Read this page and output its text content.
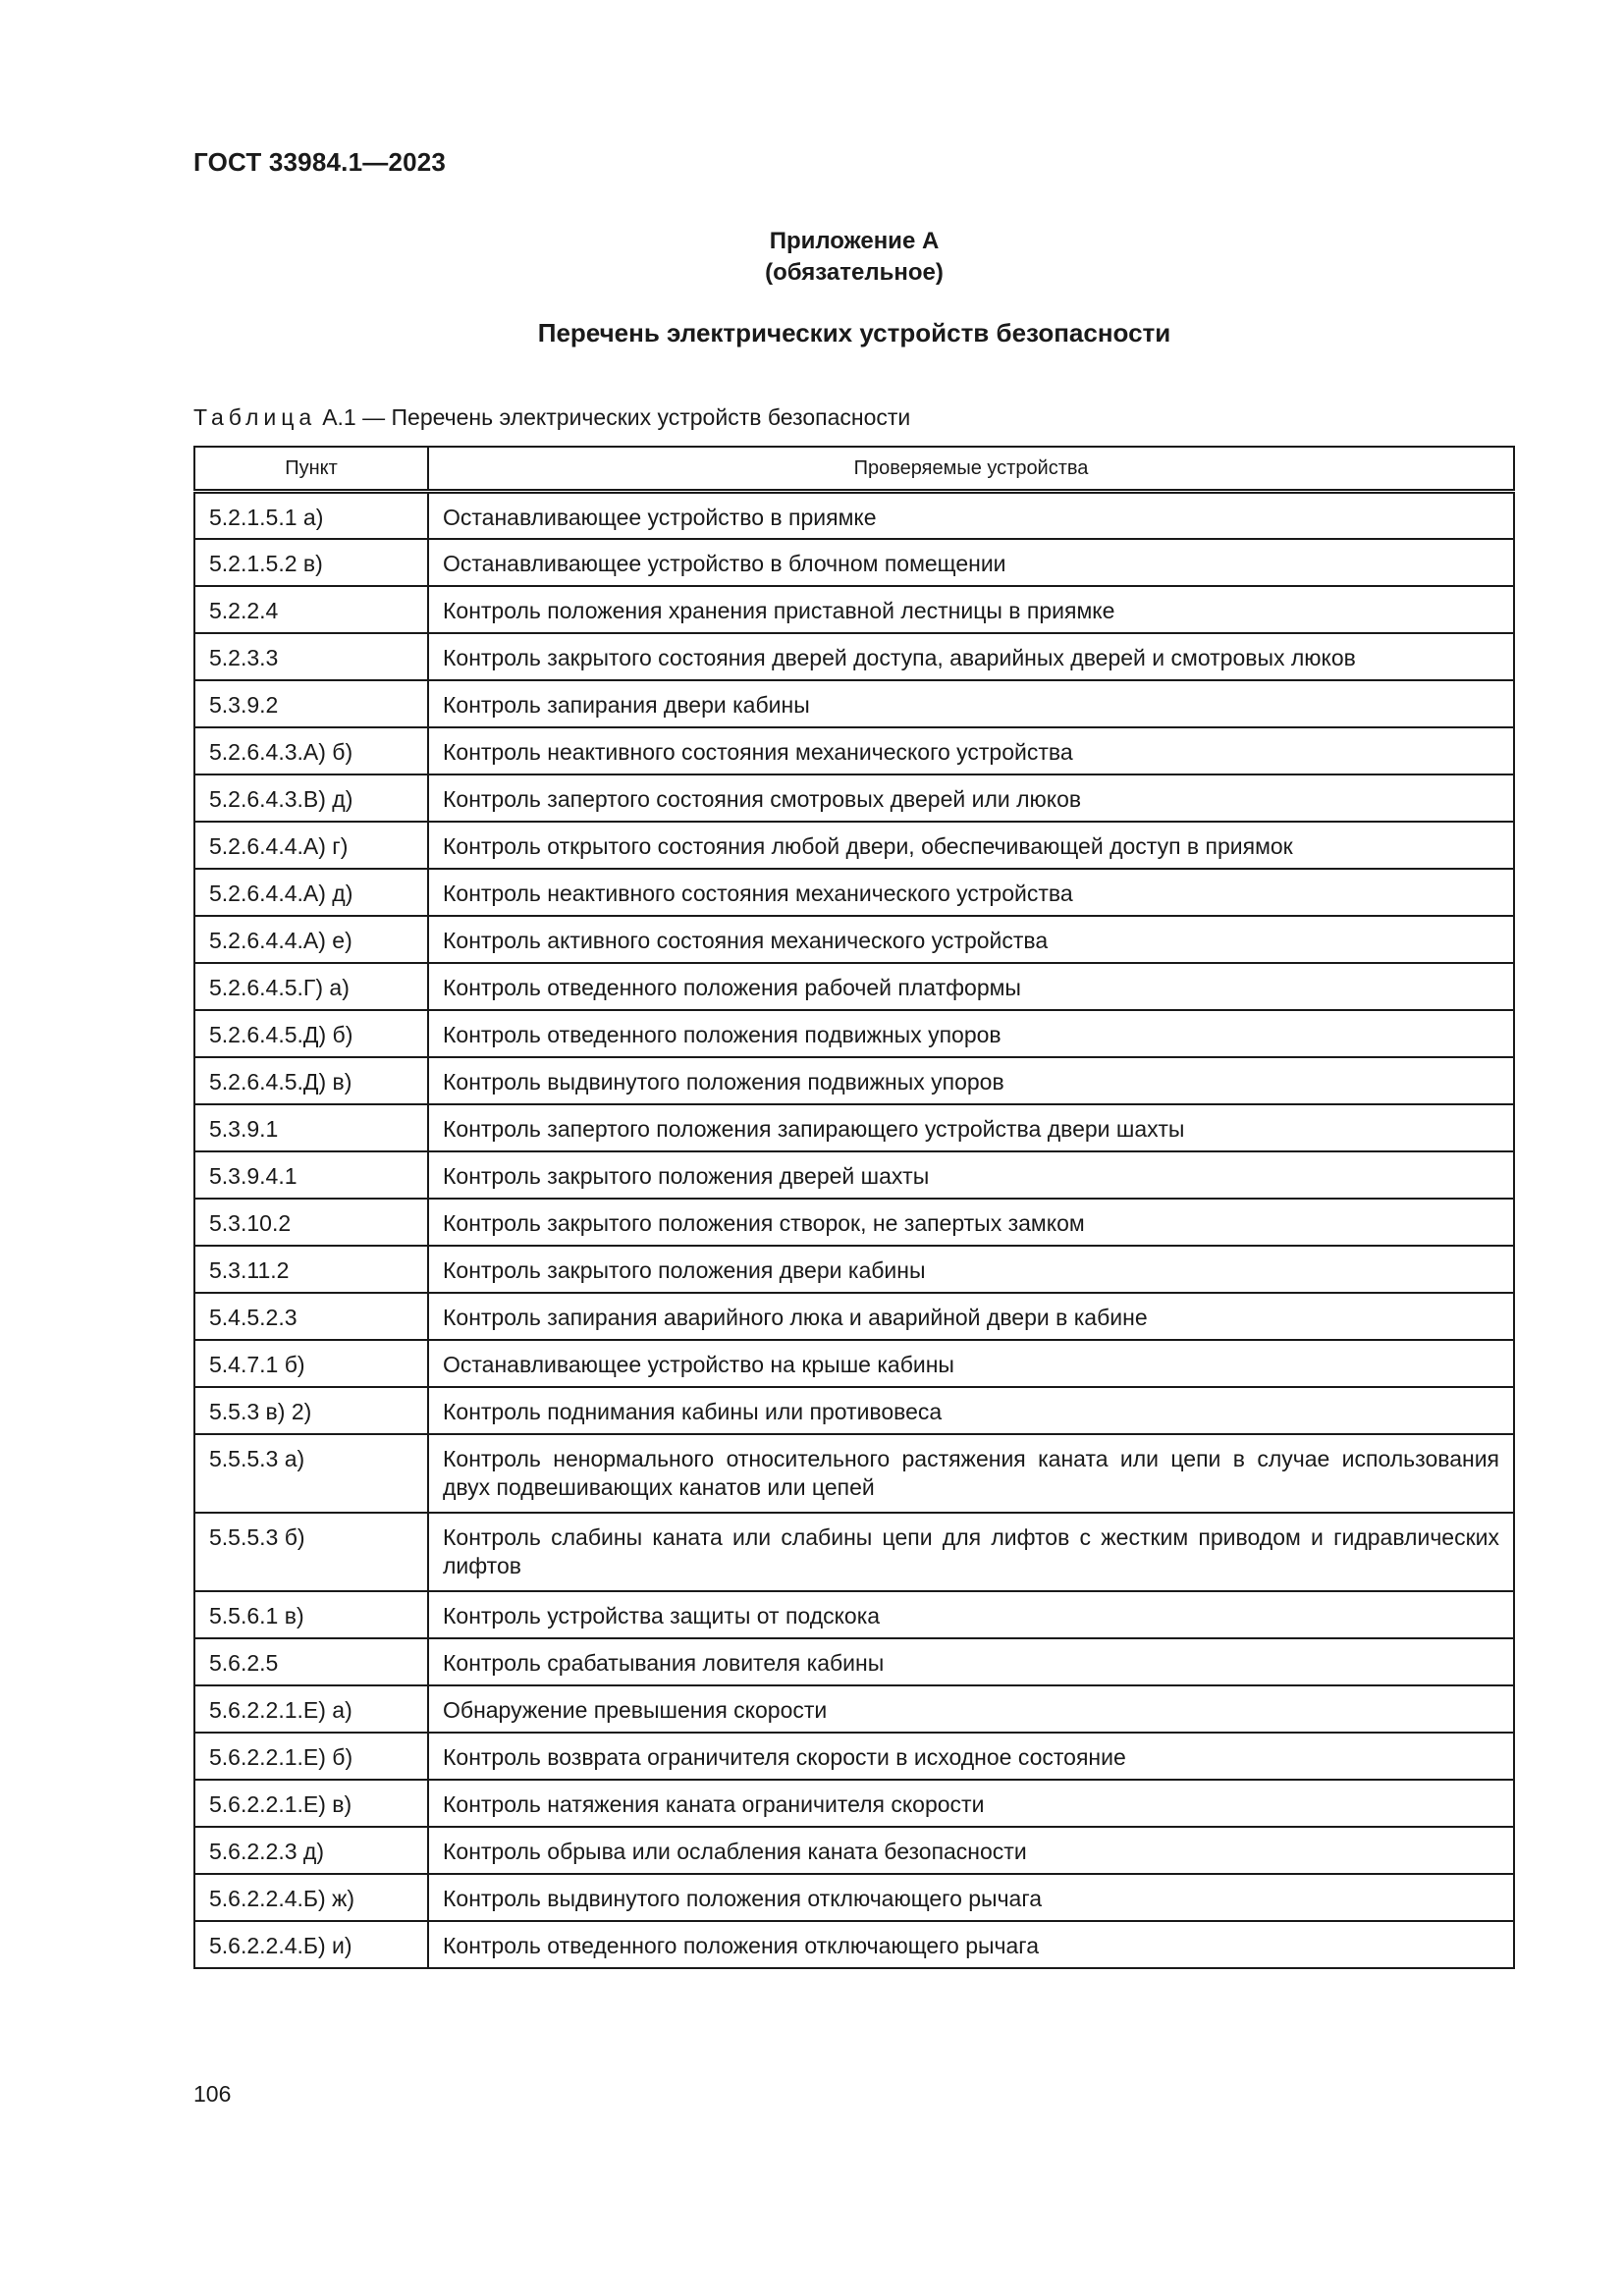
ГОСТ 33984.1—2023
Приложение А
(обязательное)
Перечень электрических устройств безопасности
Таблица А.1 — Перечень электрических устройств безопасности
Пункт	Проверяемые устройства
5.2.1.5.1 а)	Останавливающее устройство в приямке
5.2.1.5.2 в)	Останавливающее устройство в блочном помещении
5.2.2.4	Контроль положения хранения приставной лестницы в приямке
5.2.3.3	Контроль закрытого состояния дверей доступа, аварийных дверей и смотровых люков
5.3.9.2	Контроль запирания двери кабины
5.2.6.4.3.А) б)	Контроль неактивного состояния механического устройства
5.2.6.4.3.В) д)	Контроль запертого состояния смотровых дверей или люков
5.2.6.4.4.А) г)	Контроль открытого состояния любой двери, обеспечивающей доступ в приямок
5.2.6.4.4.А) д)	Контроль неактивного состояния механического устройства
5.2.6.4.4.А) е)	Контроль активного состояния механического устройства
5.2.6.4.5.Г) а)	Контроль отведенного положения рабочей платформы
5.2.6.4.5.Д) б)	Контроль отведенного положения подвижных упоров
5.2.6.4.5.Д) в)	Контроль выдвинутого положения подвижных упоров
5.3.9.1	Контроль запертого положения запирающего устройства двери шахты
5.3.9.4.1	Контроль закрытого положения дверей шахты
5.3.10.2	Контроль закрытого положения створок, не запертых замком
5.3.11.2	Контроль закрытого положения двери кабины
5.4.5.2.3	Контроль запирания аварийного люка и аварийной двери в кабине
5.4.7.1 б)	Останавливающее устройство на крыше кабины
5.5.3 в) 2)	Контроль поднимания кабины или противовеса
5.5.5.3 а)	Контроль ненормального относительного растяжения каната или цепи в случае использования двух подвешивающих канатов или цепей
5.5.5.3 б)	Контроль слабины каната или слабины цепи для лифтов с жестким приводом и гидравлических лифтов
5.5.6.1 в)	Контроль устройства защиты от подскока
5.6.2.5	Контроль срабатывания ловителя кабины
5.6.2.2.1.Е) а)	Обнаружение превышения скорости
5.6.2.2.1.Е) б)	Контроль возврата ограничителя скорости в исходное состояние
5.6.2.2.1.Е) в)	Контроль натяжения каната ограничителя скорости
5.6.2.2.3 д)	Контроль обрыва или ослабления каната безопасности
5.6.2.2.4.Б) ж)	Контроль выдвинутого положения отключающего рычага
5.6.2.2.4.Б) и)	Контроль отведенного положения отключающего рычага
106
